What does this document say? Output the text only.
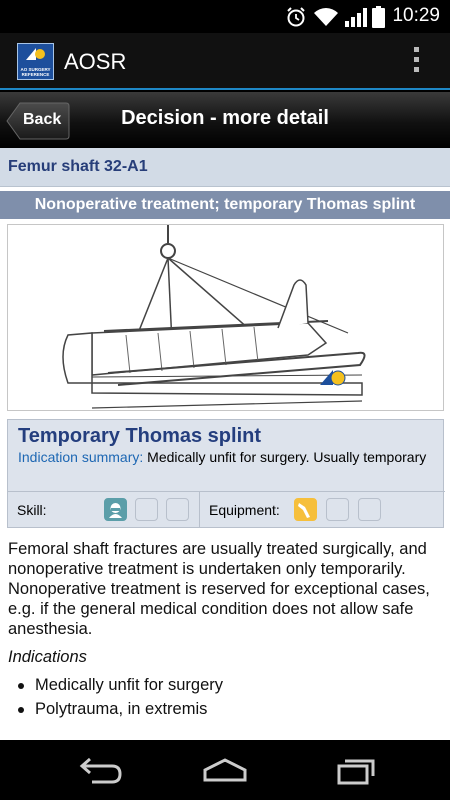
10:29
AO SURGERY REFERENCE
AOSR
Decision - more detail
Back
Femur shaft 32-A1
Nonoperative treatment; temporary Thomas splint
Temporary Thomas splint
Indication summary: Medically unfit for surgery. Usually temporary
Skill:	Equipment:

Femoral shaft fractures are usually treated surgically, and nonoperative treatment is undertaken only temporarily. Nonoperative treatment is reserved for exceptional cases, e.g. if the general medical condition does not allow safe anesthesia.

Indications
Medically unfit for surgery
Polytrauma, in extremis
